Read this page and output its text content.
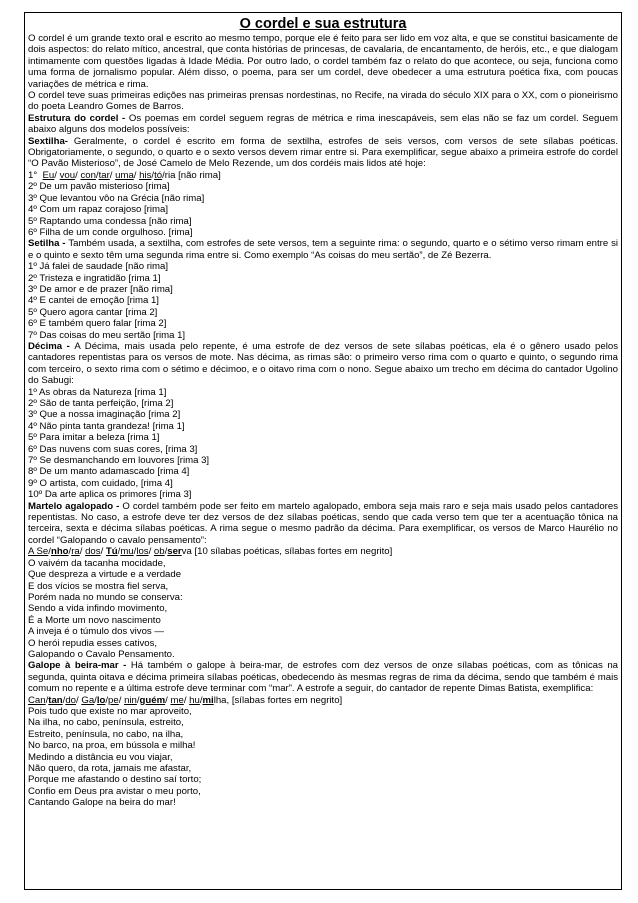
O cordel e sua estrutura

O cordel é um grande texto oral e escrito ao mesmo tempo, porque ele é feito para ser lido em voz alta, e que se constitui basicamente de dois aspectos: do relato mítico, ancestral, que conta histórias de princesas, de cavalaria, de encantamento, de heróis, etc., e que dialogam intimamente com questões ligadas à Idade Média. Por outro lado, o cordel também faz o relato do que acontece, ou seja, funciona como uma forma de jornalismo popular. Além disso, o poema, para ser um cordel, deve obedecer a uma estrutura poética fixa, com poucas variações de métrica e rima.

O cordel teve suas primeiras edições nas primeiras prensas nordestinas, no Recife, na virada do século XIX para o XX, com o pioneirismo do poeta Leandro Gomes de Barros.

Estrutura do cordel - Os poemas em cordel seguem regras de métrica e rima inescapáveis, sem elas não se faz um cordel. Seguem abaixo alguns dos modelos possíveis:

Sextilha- Geralmente, o cordel é escrito em forma de sextilha, estrofes de seis versos, com versos de sete sílabas poéticas. Obrigatoriamente, o segundo, o quarto e o sexto versos devem rimar entre si. Para exemplificar, segue abaixo a primeira estrofe do cordel “O Pavão Misterioso”, de José Camelo de Melo Rezende, um dos cordéis mais lidos até hoje:

1° Eu/ vou/ con/tar/ uma/ his/tó/ria [não rima]
2º De um pavão misterioso [rima]
3º Que levantou vôo na Grécia [não rima]
4º Com um rapaz corajoso [rima]
5º Raptando uma condessa [não rima]
6º Filha de um conde orgulhoso. [rima]

Setilha - Também usada, a sextilha, com estrofes de sete versos, tem a seguinte rima: o segundo, quarto e o sétimo verso rimam entre si e o quinto e sexto têm uma segunda rima entre si. Como exemplo “As coisas do meu sertão”, de Zé Bezerra.

1º Já falei de saudade [não rima]
2º Tristeza e ingratidão [rima 1]
3º De amor e de prazer [não rima]
4º E cantei de emoção [rima 1]
5º Quero agora cantar [rima 2]
6º E também quero falar [rima 2]
7º Das coisas do meu sertão [rima 1]

Décima - A Décima, mais usada pelo repente, é uma estrofe de dez versos de sete sílabas poéticas, ela é o gênero usado pelos cantadores repentistas para os versos de mote. Nas décima, as rimas são: o primeiro verso rima com o quarto e quinto, o segundo rima com terceiro, o sexto rima com o sétimo e décimoo, e o oitavo rima com o nono. Segue abaixo um trecho em décima do cantador Ugolino do Sabugi:

1º As obras da Natureza [rima 1]
2º São de tanta perfeição, [rima 2]
3º Que a nossa imaginação [rima 2]
4º Não pinta tanta grandeza! [rima 1]
5º Para imitar a beleza [rima 1]
6º Das nuvens com suas cores, [rima 3]
7º Se desmanchando em louvores [rima 3]
8º De um manto adamascado [rima 4]
9º O artista, com cuidado, [rima 4]
10º Da arte aplica os primores [rima 3]

Martelo agalopado - O cordel também pode ser feito em martelo agalopado, embora seja mais raro e seja mais usado pelos cantadores repentistas. No caso, a estrofe deve ter dez versos de dez sílabas poéticas, sendo que cada verso tem que ter a acentuação tônica na terceira, sexta e décima sílabas poéticas. A rima segue o mesmo padrão da décima. Para exemplificar, os versos de Marco Haurélio no cordel “Galopando o cavalo pensamento”:

A Se/nho/ra/ dos/ Tú/mu/los/ ob/serva [10 sílabas poéticas, sílabas fortes em negrito]
O vaivém da tacanha mocidade,
Que despreza a virtude e a verdade
E dos vícios se mostra fiel serva,
Porém nada no mundo se conserva:
Sendo a vida infindo movimento,
É a Morte um novo nascimento
A inveja é o túmulo dos vivos —
O herói repudia esses cativos,
Galopando o Cavalo Pensamento.

Galope à beira-mar - Há também o galope à beira-mar, de estrofes com dez versos de onze sílabas poéticas, com as tônicas na segunda, quinta oitava e décima primeira sílabas poéticas, obedecendo às mesmas regras de rima da décima, sendo que também é mais comum no repente e a última estrofe deve terminar com “mar”. A estrofe a seguir, do cantador de repente Dimas Batista, exemplifica:

Can/tan/do/ Ga/lo/pe/ nin/guém/ me/ hu/milha, [sílabas fortes em negrito]
Pois tudo que existe no mar aproveito,
Na ilha, no cabo, península, estreito,
Estreito, península, no cabo, na ilha,
No barco, na proa, em bússola e milha!
Medindo a distância eu vou viajar,
Não quero, da rota, jamais me afastar,
Porque me afastando o destino saí torto;
Confio em Deus pra avistar o meu porto,
Cantando Galope na beira do mar!
